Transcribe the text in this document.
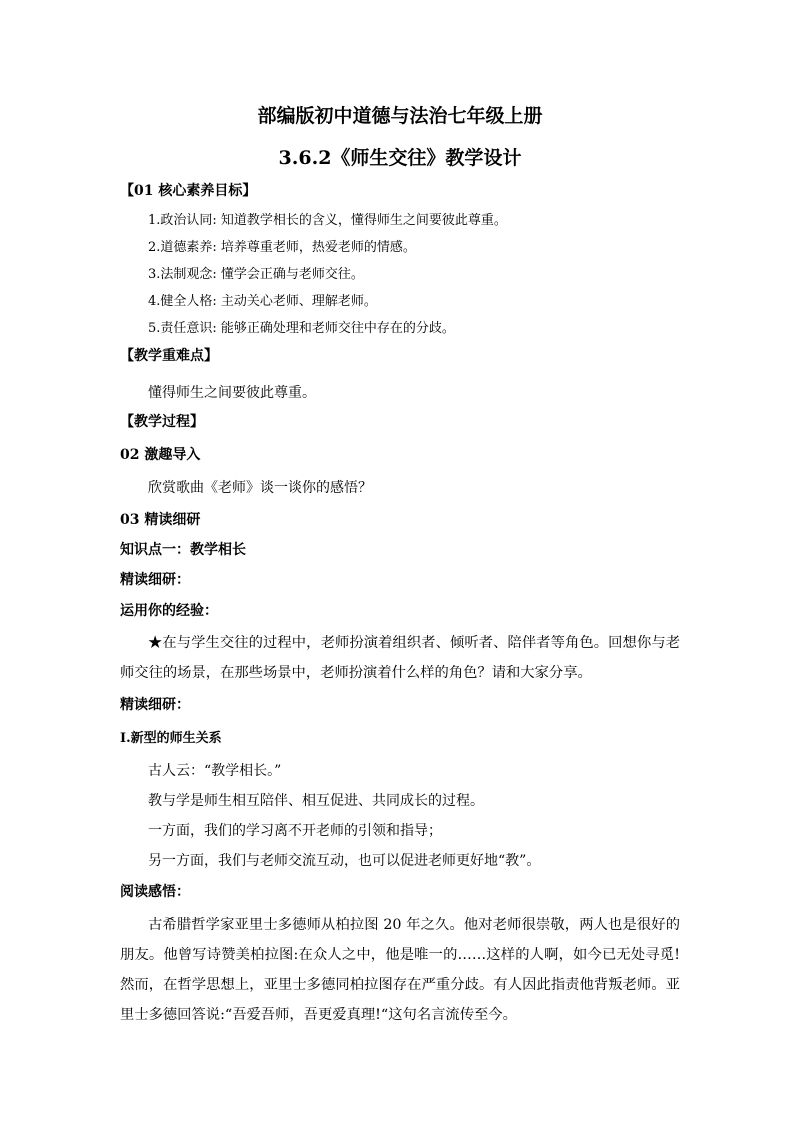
部编版初中道德与法治七年级上册
3.6.2《师生交往》教学设计
【01 核心素养目标】
1.政治认同: 知道教学相长的含义，懂得师生之间要彼此尊重。
2.道德素养: 培养尊重老师，热爱老师的情感。
3.法制观念: 懂学会正确与老师交往。
4.健全人格: 主动关心老师、理解老师。
5.责任意识: 能够正确处理和老师交往中存在的分歧。
【教学重难点】
懂得师生之间要彼此尊重。
【教学过程】
02 激趣导入
欣赏歌曲《老师》谈一谈你的感悟？
03 精读细研
知识点一：教学相长
精读细研：
运用你的经验：
★在与学生交往的过程中，老师扮演着组织者、倾听者、陪伴者等角色。回想你与老师交往的场景，在那些场景中，老师扮演着什么样的角色？请和大家分享。
精读细研：
Ⅰ.新型的师生关系
古人云：“教学相长。”
教与学是师生相互陪伴、相互促进、共同成长的过程。
一方面，我们的学习离不开老师的引领和指导；
另一方面，我们与老师交流互动，也可以促进老师更好地“教”。
阅读感悟：
古希腊哲学家亚里士多德师从柏拉图 20 年之久。他对老师很崇敬，两人也是很好的朋友。他曾写诗赞美柏拉图:在众人之中，他是唯一的……这样的人啊，如今已无处寻觅!然而，在哲学思想上，亚里士多德同柏拉图存在严重分歧。有人因此指责他背叛老师。亚里士多德回答说:“吾爱吾师，吾更爱真理!“这句名言流传至今。
